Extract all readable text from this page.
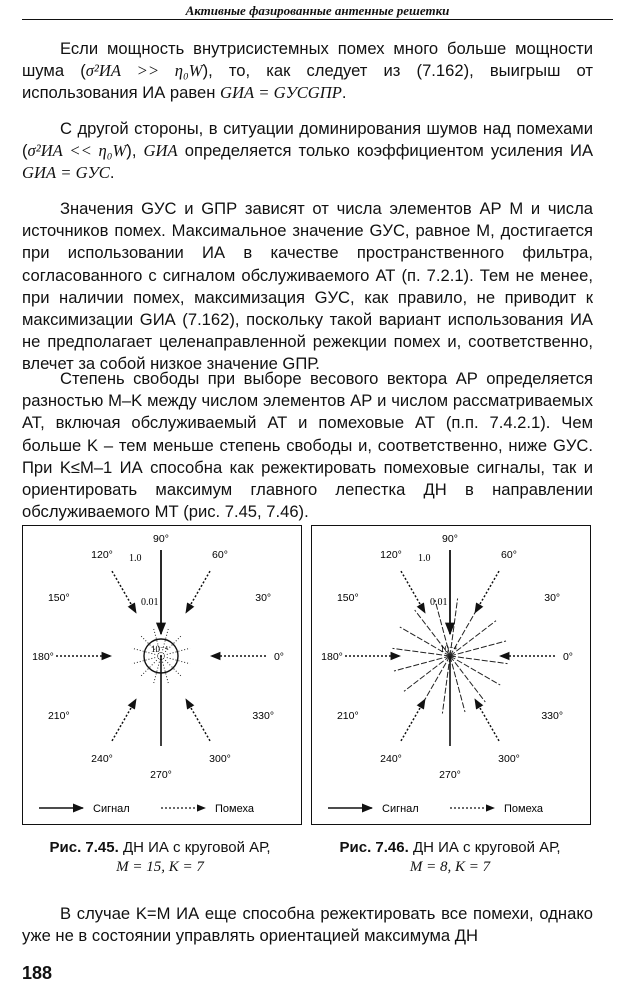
Активные фазированные антенные решетки

Если мощность внутрисистемных помех много больше мощности шума (σ²ИА >> η₀W), то, как следует из (7.162), выигрыш от использования ИА равен GИА = GУСGПР.

С другой стороны, в ситуации доминирования шумов над помехами (σ²ИА << η₀W), GИА определяется только коэффициентом усиления ИА GИА = GУС.

Значения GУС и GПР зависят от числа элементов АР M и числа источников помех. Максимальное значение GУС, равное M, достигается при использовании ИА в качестве пространственного фильтра, согласованного с сигналом обслуживаемого АТ (п. 7.2.1). Тем не менее, при наличии помех, максимизация GУС, как правило, не приводит к максимизации GИА (7.162), поскольку такой вариант использования ИА не предполагает целенаправленной режекции помех и, соответственно, влечет за собой низкое значение GПР.

Степень свободы при выборе весового вектора АР определяется разностью M–K между числом элементов АР и числом рассматриваемых АТ, включая обслуживаемый АТ и помеховые АТ (п.п. 7.4.2.1). Чем больше K – тем меньше степень свободы и, соответственно, ниже GУС. При K≤M–1 ИА способна как режектировать помеховые сигналы, так и ориентировать максимум главного лепестка ДН в направлении обслуживаемого МТ (рис. 7.45, 7.46).

0°
30°
60°
90°
120°
150°
180°
210°
240°
270°
300°
330°
1.0
0.01
10⁻⁴
Сигнал	Помеха
0°
30°
60°
90°
120°
150°
180°
210°
240°
270°
300°
330°
1.0
0.01
10⁻⁴
Сигнал	Помеха
Рис. 7.45. ДН ИА с круговой АР,
M = 15, K = 7
Рис. 7.46. ДН ИА с круговой АР,
M = 8, K = 7

В случае K=M ИА еще способна режектировать все помехи, однако уже не в состоянии управлять ориентацией максимума ДН

188
